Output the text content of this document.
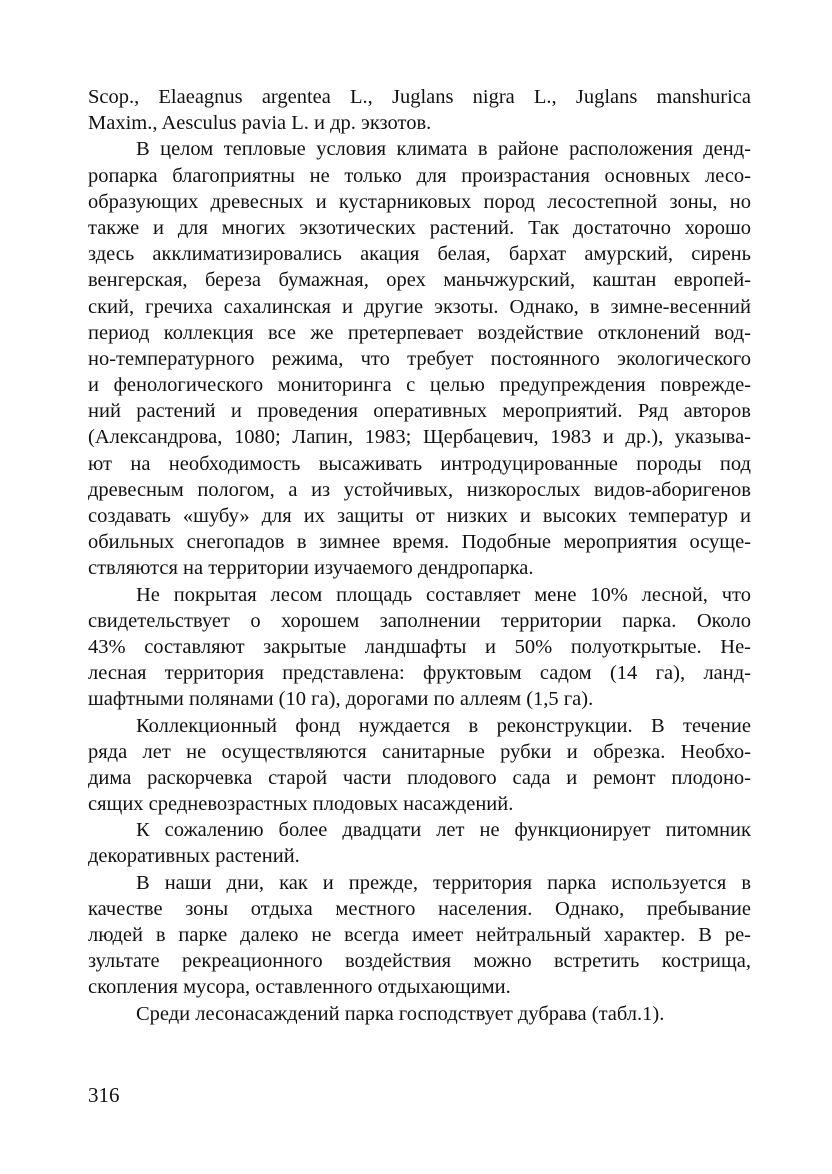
Scop., Elaeagnus argentea L., Juglans nigra L., Juglans manshurica
Maxim., Aesculus pavia L. и др. экзотов.
В целом тепловые условия климата в районе расположения денд-
ропарка благоприятны не только для произрастания основных лесо-
образующих древесных и кустарниковых пород лесостепной зоны, но
также и для многих экзотических растений. Так достаточно хорошо
здесь акклиматизировались акация белая, бархат амурский, сирень
венгерская, береза бумажная, орех маньчжурский, каштан европей-
ский, гречиха сахалинская и другие экзоты. Однако, в зимне-весенний
период коллекция все же претерпевает воздействие отклонений вод-
но-температурного режима, что требует постоянного экологического
и фенологического мониторинга с целью предупреждения поврежде-
ний растений и проведения оперативных мероприятий. Ряд авторов
(Александрова, 1080; Лапин, 1983; Щербацевич, 1983 и др.), указыва-
ют на необходимость высаживать интродуцированные породы под
древесным пологом, а из устойчивых, низкорослых видов-аборигенов
создавать «шубу» для их защиты от низких и высоких температур и
обильных снегопадов в зимнее время. Подобные мероприятия осуще-
ствляются на территории изучаемого дендропарка.
Не покрытая лесом площадь составляет мене 10% лесной, что
свидетельствует о хорошем заполнении территории парка. Около
43% составляют закрытые ландшафты и 50% полуоткрытые. Не-
лесная территория представлена: фруктовым садом (14 га), ланд-
шафтными полянами (10 га), дорогами по аллеям (1,5 га).
Коллекционный фонд нуждается в реконструкции. В течение
ряда лет не осуществляются санитарные рубки и обрезка. Необхо-
дима раскорчевка старой части плодового сада и ремонт плодоно-
сящих средневозрастных плодовых насаждений.
К сожалению более двадцати лет не функционирует питомник
декоративных растений.
В наши дни, как и прежде, территория парка используется в
качестве зоны отдыха местного населения. Однако, пребывание
людей в парке далеко не всегда имеет нейтральный характер. В ре-
зультате рекреационного воздействия можно встретить кострища,
скопления мусора, оставленного отдыхающими.
Среди лесонасаждений парка господствует дубрава (табл.1).
316
